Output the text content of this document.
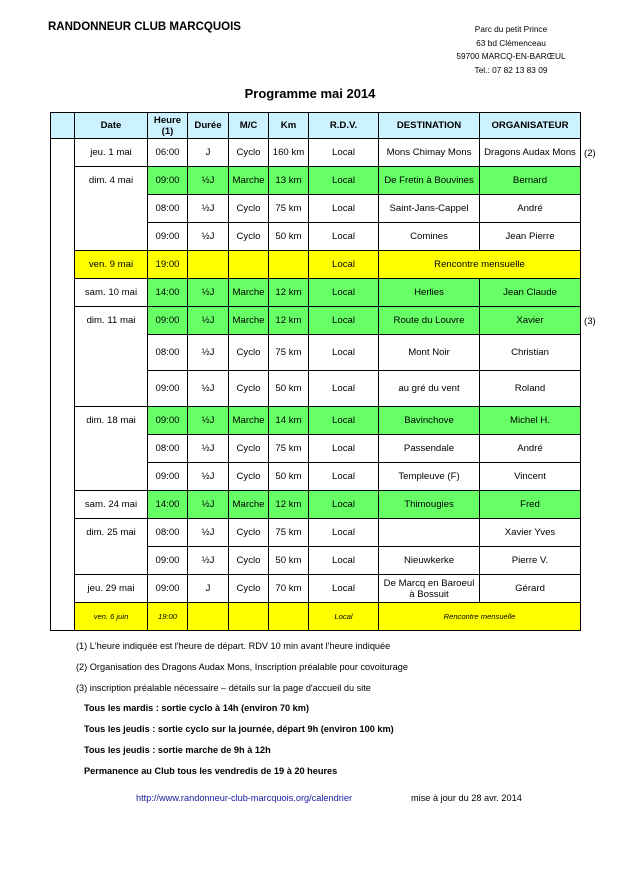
RANDONNEUR CLUB MARCQUOIS	Parc du petit Prince
63 bd Clémenceau
59700 MARCQ-EN-BARŒUL
Tel.: 07 82 13 83 09
Programme mai 2014
	Date	Heure (1)	Durée	M/C	Km	R.D.V.	DESTINATION	ORGANISATEUR
	jeu. 1 mai	06:00	J	Cyclo	160 km	Local	Mons Chimay Mons	Dragons Audax Mons
	dim. 4 mai	09:00	½J	Marche	13 km	Local	De Fretin à Bouvines	Bernard
		08:00	½J	Cyclo	75 km	Local	Saint-Jans-Cappel	André
		09:00	½J	Cyclo	50 km	Local	Comines	Jean Pierre
	ven. 9 mai	19:00				Local	Rencontre mensuelle	
	sam. 10 mai	14:00	½J	Marche	12 km	Local	Herlies	Jean Claude
	dim. 11 mai	09:00	½J	Marche	12 km	Local	Route du Louvre	Xavier
		08:00	½J	Cyclo	75 km	Local	Mont Noir	Christian
		09:00	½J	Cyclo	50 km	Local	au gré du vent	Roland
	dim. 18 mai	09:00	½J	Marche	14 km	Local	Bavinchove	Michel H.
		08:00	½J	Cyclo	75 km	Local	Passendale	André
		09:00	½J	Cyclo	50 km	Local	Templeuve (F)	Vincent
	sam. 24 mai	14:00	½J	Marche	12 km	Local	Thimougies	Fred
	dim. 25 mai	08:00	½J	Cyclo	75 km	Local		Xavier Yves
		09:00	½J	Cyclo	50 km	Local	Nieuwkerke	Pierre V.
	jeu. 29 mai	09:00	J	Cyclo	70 km	Local	De Marcq en Baroeul à Bossuit	Gérard
	ven. 6 juin	19:00				Local	Rencontre mensuelle	
(2)
(3)
(1) L'heure indiquée est l'heure de départ. RDV 10 min avant l'heure indiquée
(2) Organisation des Dragons Audax Mons, Inscription préalable pour covoiturage
(3) inscription préalable nécessaire – détails sur la page d'accueil du site
Tous les mardis : sortie cyclo à 14h (environ 70 km)
Tous les jeudis : sortie cyclo sur la journée, départ 9h (environ 100 km)
Tous les jeudis : sortie marche de 9h à 12h
Permanence au Club tous les vendredis de 19 à 20 heures
http://www.randonneur-club-marcquois.org/calendrier	mise à jour du 28 avr. 2014
